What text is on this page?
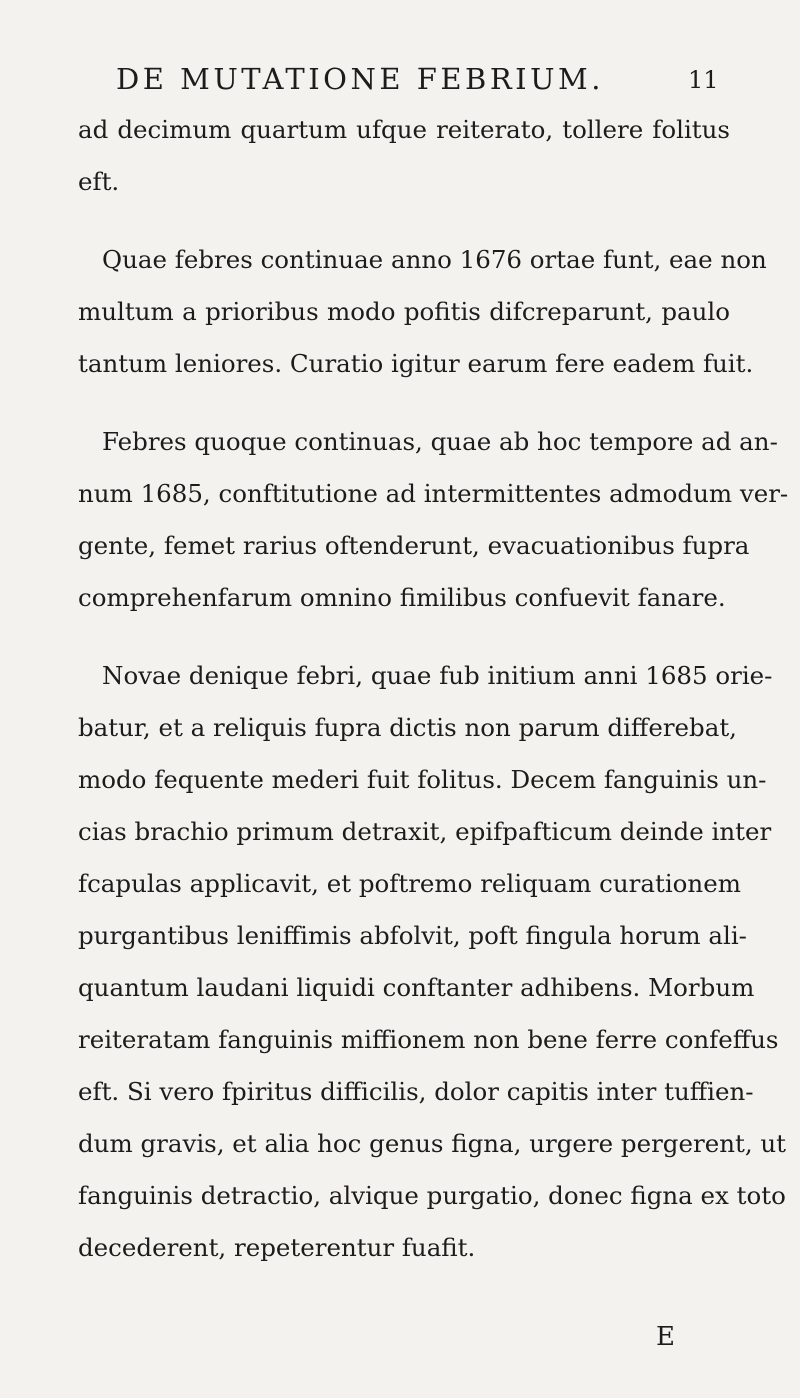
DE MUTATIONE FEBRIUM.	11
ad decimum quartum ufque reiterato, tollere folitus
eft.
Quae febres continuae anno 1676 ortae funt, eae non
multum a prioribus modo pofitis difcreparunt, paulo
tantum leniores. Curatio igitur earum fere eadem fuit.
Febres quoque continuas, quae ab hoc tempore ad an-
num 1685, conftitutione ad intermittentes admodum ver-
gente, femet rarius oftenderunt, evacuationibus fupra
comprehenfarum omnino fimilibus confuevit fanare.
Novae denique febri, quae fub initium anni 1685 orie-
batur, et a reliquis fupra dictis non parum differebat,
modo fequente mederi fuit folitus. Decem fanguinis un-
cias brachio primum detraxit, epifpafticum deinde inter
fcapulas applicavit, et poftremo reliquam curationem
purgantibus leniffimis abfolvit, poft fingula horum ali-
quantum laudani liquidi conftanter adhibens. Morbum
reiteratam fanguinis miffionem non bene ferre confeffus
eft. Si vero fpiritus difficilis, dolor capitis inter tuffien-
dum gravis, et alia hoc genus figna, urgere pergerent, ut
fanguinis detractio, alvique purgatio, donec figna ex toto
decederent, repeterentur fuafit.
E
